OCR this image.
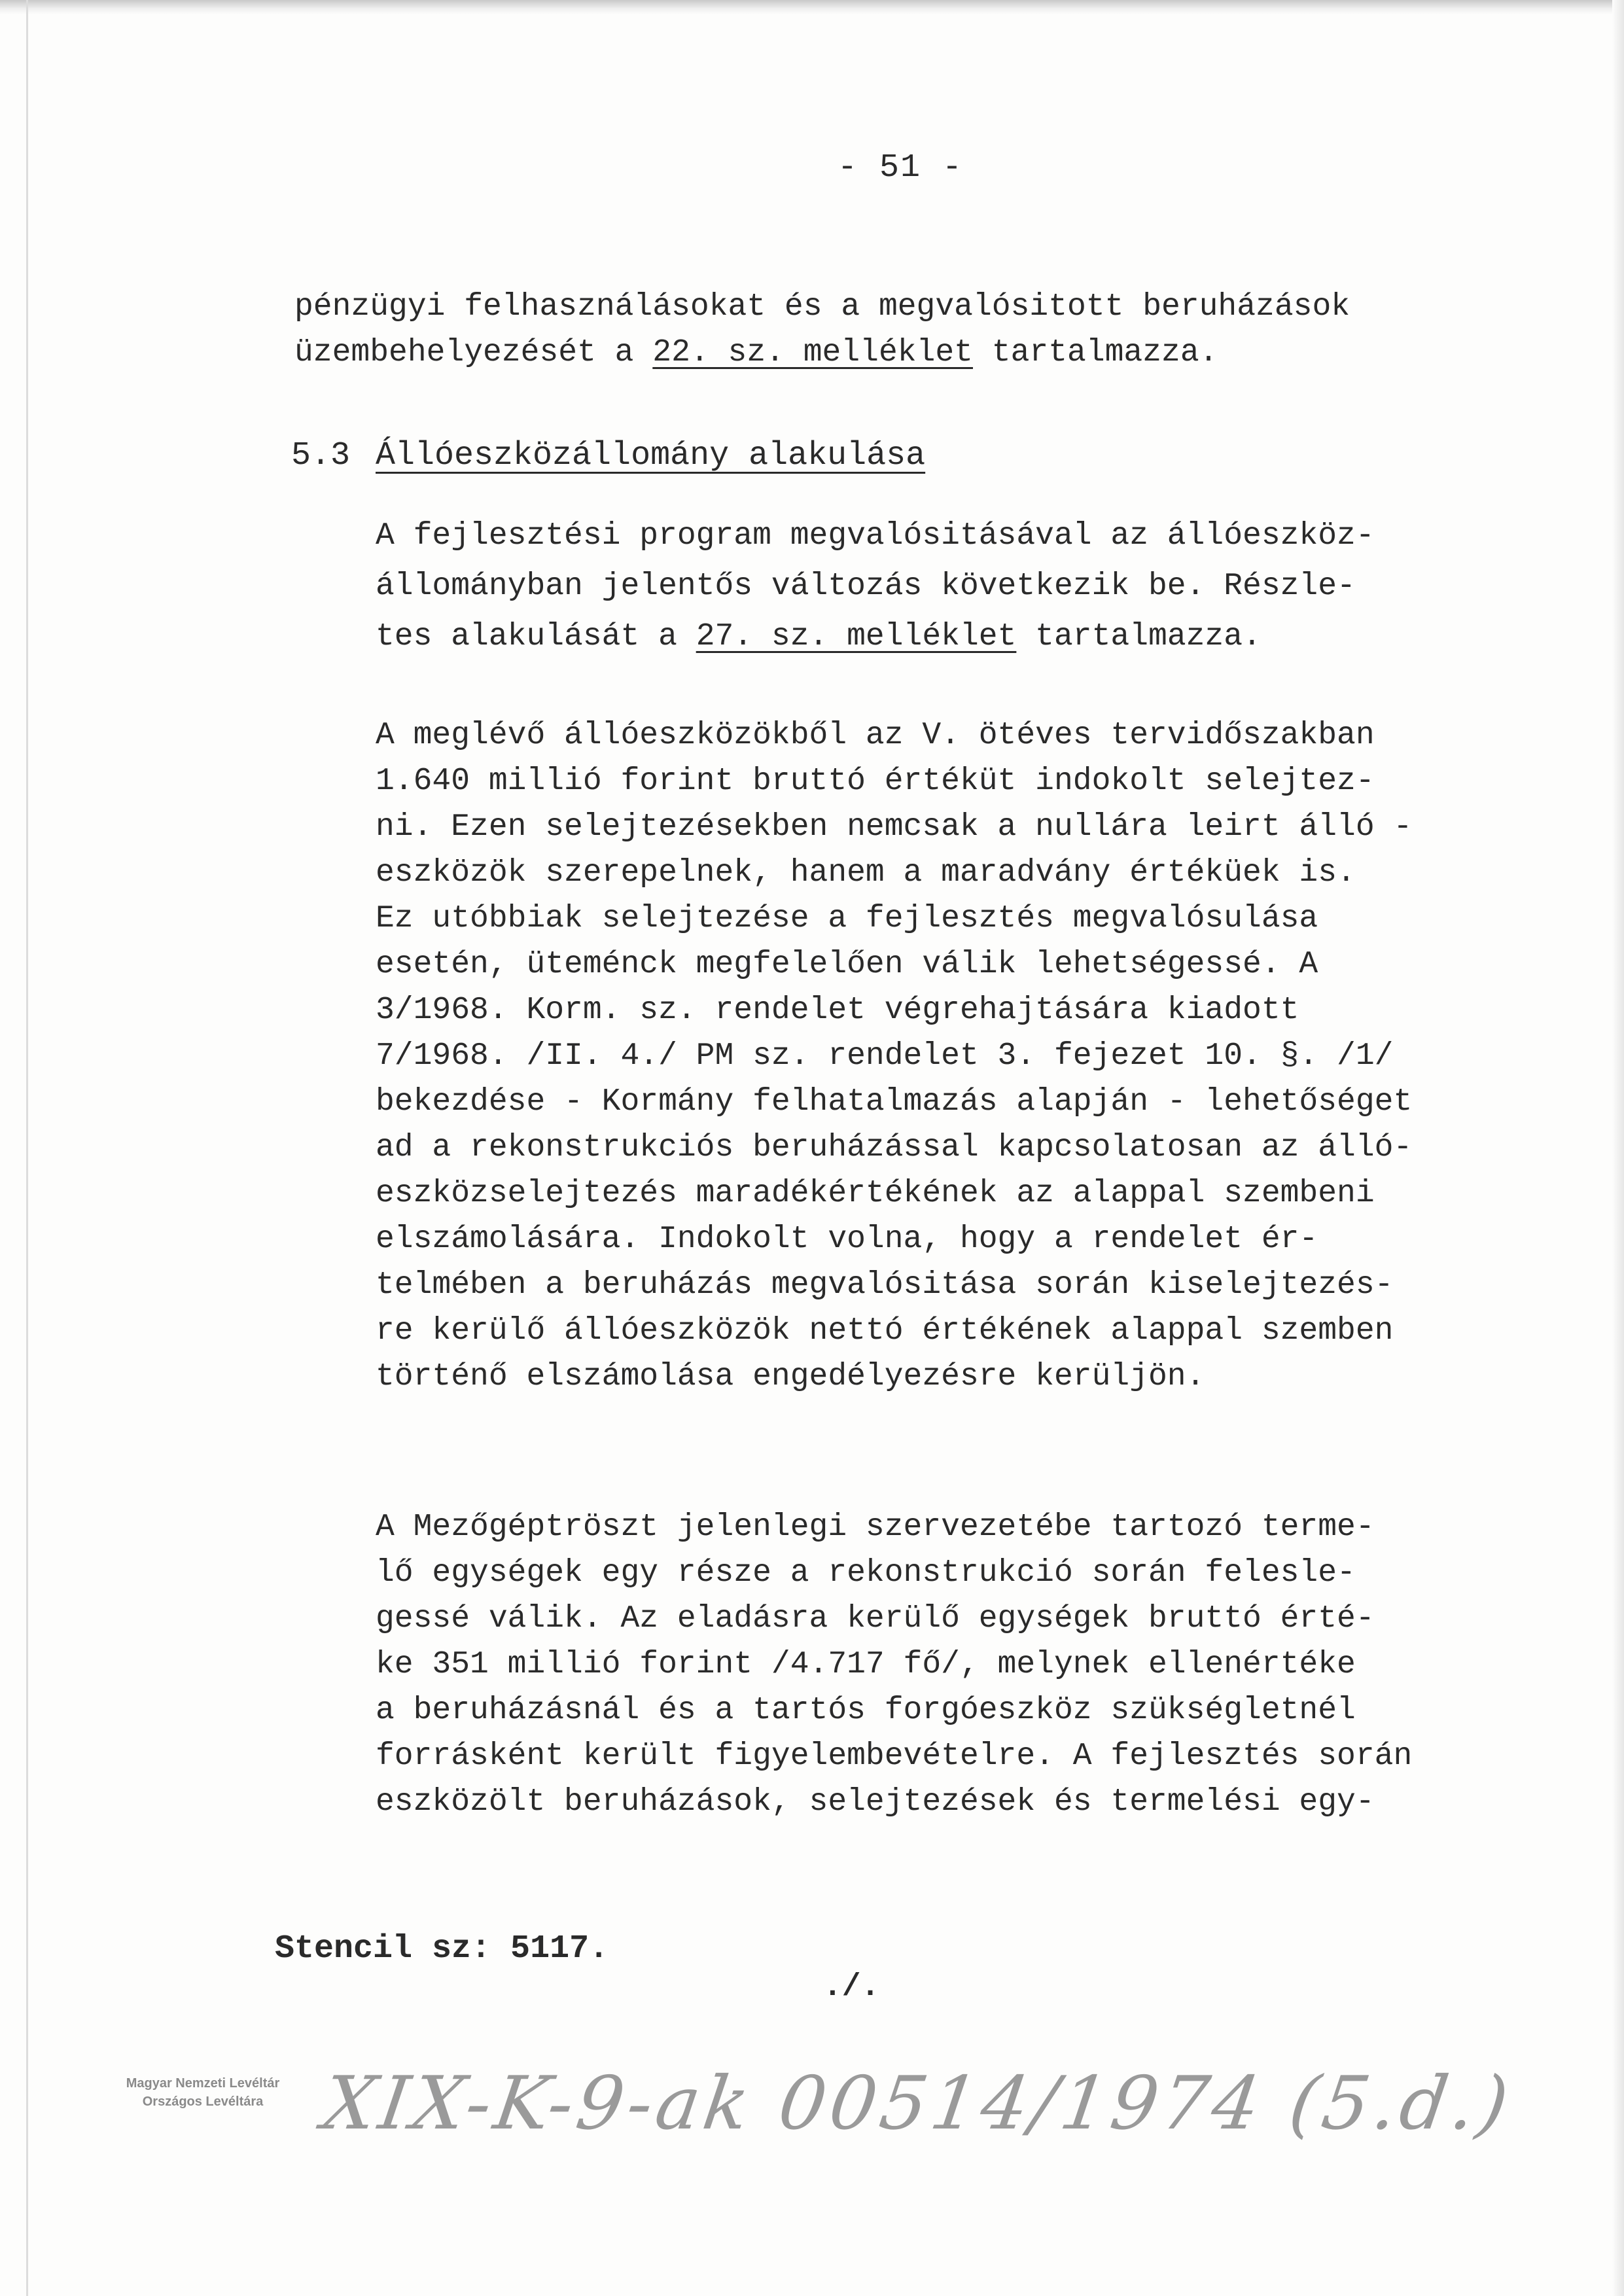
- 51 -
pénzügyi felhasználásokat és a megvalósitott beruházások
üzembehelyezését a 22. sz. melléklet tartalmazza.
5.3 Állóeszközállomány alakulása
A fejlesztési program megvalósitásával az állóeszköz-
állományban jelentős változás következik be. Részle-
tes alakulását a 27. sz. melléklet tartalmazza.
A meglévő állóeszközökből az V. ötéves tervidőszakban
1.640 millió forint bruttó értéküt indokolt selejtez-
ni. Ezen selejtezésekben nemcsak a nullára leirt álló -
eszközök szerepelnek, hanem a maradvány értéküek is.
Ez utóbbiak selejtezése a fejlesztés megvalósulása
esetén, üteménck megfelelően válik lehetségessé. A
3/1968. Korm. sz. rendelet végrehajtására kiadott
7/1968. /II. 4./ PM sz. rendelet 3. fejezet 10. §. /1/
bekezdése - Kormány felhatalmazás alapján - lehetőséget
ad a rekonstrukciós beruházással kapcsolatosan az álló-
eszközselejtezés maradékértékének az alappal szembeni
elszámolására. Indokolt volna, hogy a rendelet ér-
telmében a beruházás megvalósitása során kiselejtezés-
re kerülő állóeszközök nettó értékének alappal szemben
történő elszámolása engedélyezésre kerüljön.
A Mezőgéptröszt jelenlegi szervezetébe tartozó terme-
lő egységek egy része a rekonstrukció során felesle-
gessé válik. Az eladásra kerülő egységek bruttó érté-
ke 351 millió forint /4.717 fő/, melynek ellenértéke
a beruházásnál és a tartós forgóeszköz szükségletnél
forrásként került figyelembevételre. A fejlesztés során
eszközölt beruházások, selejtezések és termelési egy-
Stencil sz: 5117.
./.
Magyar Nemzeti Levéltár
Országos Levéltára XIX-K-9-ak 00514/1974 (5.d.)
